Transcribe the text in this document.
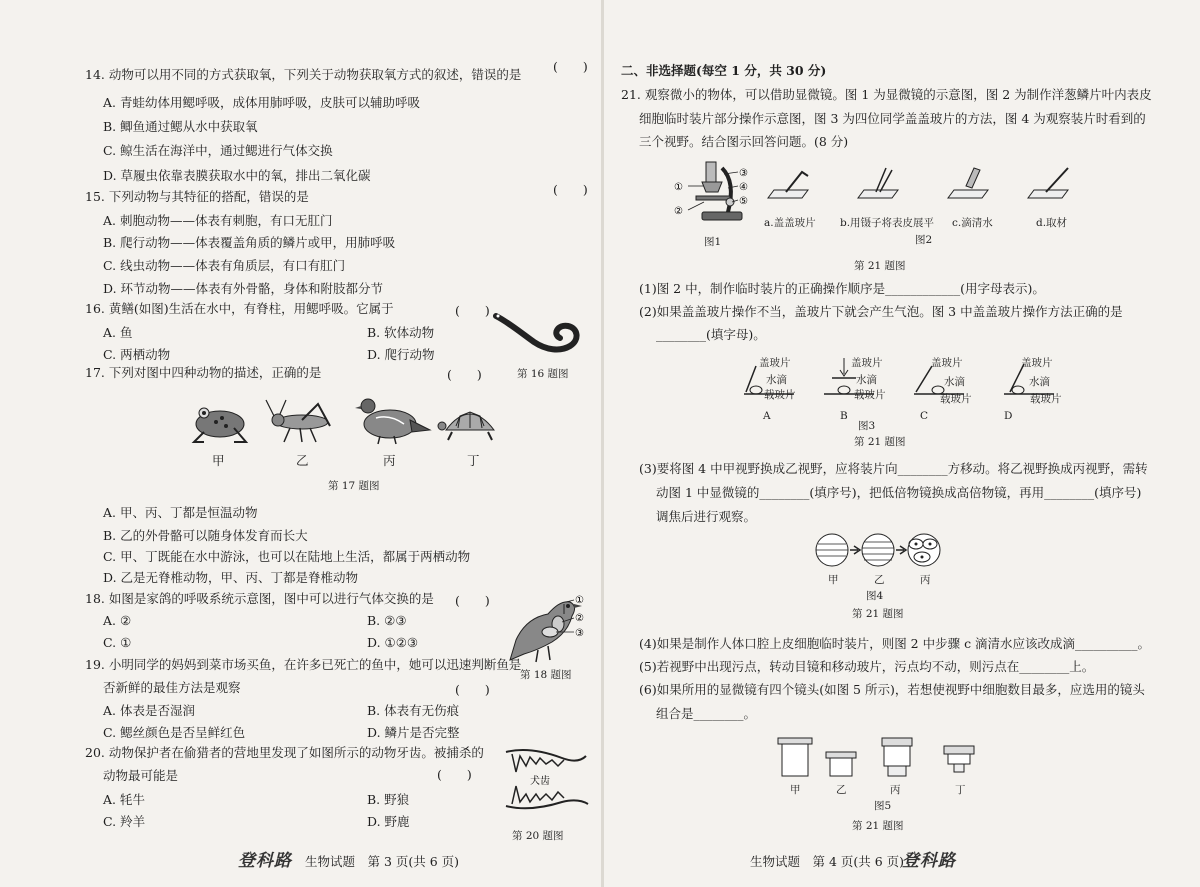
14. 动物可以用不同的方式获取氧，下列关于动物获取氧方式的叙述，错误的是
(　　)
A. 青蛙幼体用鳃呼吸，成体用肺呼吸，皮肤可以辅助呼吸
B. 鲫鱼通过鳃从水中获取氧
C. 鲸生活在海洋中，通过鳃进行气体交换
D. 草履虫依靠表膜获取水中的氧，排出二氧化碳
15. 下列动物与其特征的搭配，错误的是	(　　)
A. 刺胞动物——体表有刺胞，有口无肛门
B. 爬行动物——体表覆盖角质的鳞片或甲，用肺呼吸
C. 线虫动物——体表有角质层，有口有肛门
D. 环节动物——体表有外骨骼，身体和附肢都分节
16. 黄鳝(如图)生活在水中，有脊柱，用鳃呼吸。它属于	(　　)
A. 鱼	B. 软体动物
C. 两栖动物	D. 爬行动物
第 16 题图
17. 下列对图中四种动物的描述，正确的是	(　　)
甲	乙	丙	丁
第 17 题图
A. 甲、丙、丁都是恒温动物
B. 乙的外骨骼可以随身体发育而长大
C. 甲、丁既能在水中游泳，也可以在陆地上生活，都属于两栖动物
D. 乙是无脊椎动物，甲、丙、丁都是脊椎动物
18. 如图是家鸽的呼吸系统示意图，图中可以进行气体交换的是 (　　)
A. ②	B. ②③
C. ①	D. ①②③
①
②
③
第 18 题图
19. 小明同学的妈妈到菜市场买鱼，在许多已死亡的鱼中，她可以迅速判断鱼是
否新鲜的最佳方法是观察	(　　)
A. 体表是否湿润	B. 体表有无伤痕
C. 鳃丝颜色是否呈鲜红色	D. 鳞片是否完整
20. 动物保护者在偷猎者的营地里发现了如图所示的动物牙齿。被捕杀的
动物最可能是	(　　)
A. 牦牛	B. 野狼
C. 羚羊	D. 野鹿
犬齿
第 20 题图
登科路 生物试题　第 3 页(共 6 页)
二、非选择题(每空 1 分，共 30 分)
21. 观察微小的物体，可以借助显微镜。图 1 为显微镜的示意图，图 2 为制作洋葱鳞片叶内表皮
细胞临时装片部分操作示意图，图 3 为四位同学盖盖玻片的方法，图 4 为观察装片时看到的
三个视野。结合图示回答问题。(8 分)
①
②
③
④
⑤
图1
a.盖盖玻片 b.用镊子将表皮展平 c.滴清水	d.取材
图2
第 21 题图
(1)图 2 中，制作临时装片的正确操作顺序是____________(用字母表示)。
(2)如果盖盖玻片操作不当，盖玻片下就会产生气泡。图 3 中盖盖玻片操作方法正确的是
________(填字母)。
盖玻片	盖玻片	盖玻片	盖玻片
水滴	水滴	水滴	水滴
载玻片	载玻片	载玻片	载玻片
A	B	C	D
图3
第 21 题图
(3)要将图 4 中甲视野换成乙视野，应将装片向________方移动。将乙视野换成丙视野，需转
动图 1 中显微镜的________(填序号)，把低倍物镜换成高倍物镜，再用________(填序号)
调焦后进行观察。
甲	乙	丙
图4
第 21 题图
(4)如果是制作人体口腔上皮细胞临时装片，则图 2 中步骤 c 滴清水应该改成滴__________。
(5)若视野中出现污点，转动目镜和移动玻片，污点均不动，则污点在________上。
(6)如果所用的显微镜有四个镜头(如图 5 所示)，若想使视野中细胞数目最多，应选用的镜头
组合是________。
甲	乙	丙	丁
图5
第 21 题图
生物试题　第 4 页(共 6 页)
登科路
